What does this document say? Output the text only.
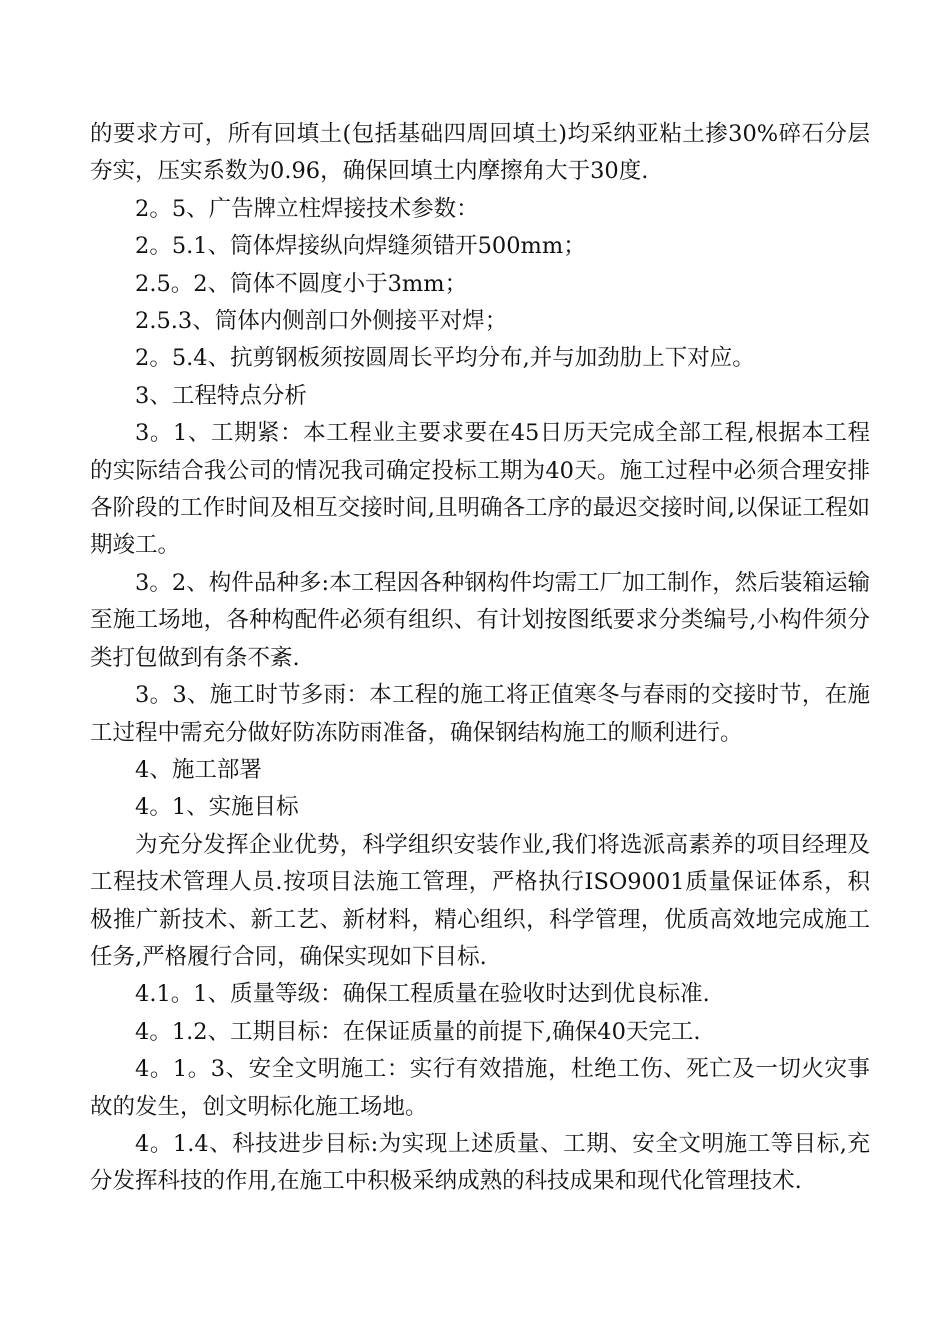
的要求方可，所有回填土(包括基础四周回填土)均采纳亚粘土掺30%碎石分层夯实，压实系数为0.96，确保回填土内摩擦角大于30度.

2。5、广告牌立柱焊接技术参数：

2。5.1、筒体焊接纵向焊缝须错开500mm；

2.5。2、筒体不圆度小于3mm；

2.5.3、筒体内侧剖口外侧接平对焊；

2。5.4、抗剪钢板须按圆周长平均分布,并与加劲肋上下对应。

3、工程特点分析

3。1、工期紧：本工程业主要求要在45日历天完成全部工程,根据本工程的实际结合我公司的情况我司确定投标工期为40天。施工过程中必须合理安排各阶段的工作时间及相互交接时间,且明确各工序的最迟交接时间,以保证工程如期竣工。

3。2、构件品种多:本工程因各种钢构件均需工厂加工制作，然后装箱运输至施工场地，各种构配件必须有组织、有计划按图纸要求分类编号,小构件须分类打包做到有条不紊.

3。3、施工时节多雨：本工程的施工将正值寒冬与春雨的交接时节，在施工过程中需充分做好防冻防雨准备，确保钢结构施工的顺利进行。

4、施工部署

4。1、实施目标

为充分发挥企业优势，科学组织安装作业,我们将选派高素养的项目经理及工程技术管理人员.按项目法施工管理，严格执行ISO9001质量保证体系，积极推广新技术、新工艺、新材料，精心组织，科学管理，优质高效地完成施工任务,严格履行合同，确保实现如下目标.

4.1。1、质量等级：确保工程质量在验收时达到优良标准.

4。1.2、工期目标：在保证质量的前提下,确保40天完工.

4。1。3、安全文明施工：实行有效措施，杜绝工伤、死亡及一切火灾事故的发生，创文明标化施工场地。

4。1.4、科技进步目标:为实现上述质量、工期、安全文明施工等目标,充分发挥科技的作用,在施工中积极采纳成熟的科技成果和现代化管理技术.
